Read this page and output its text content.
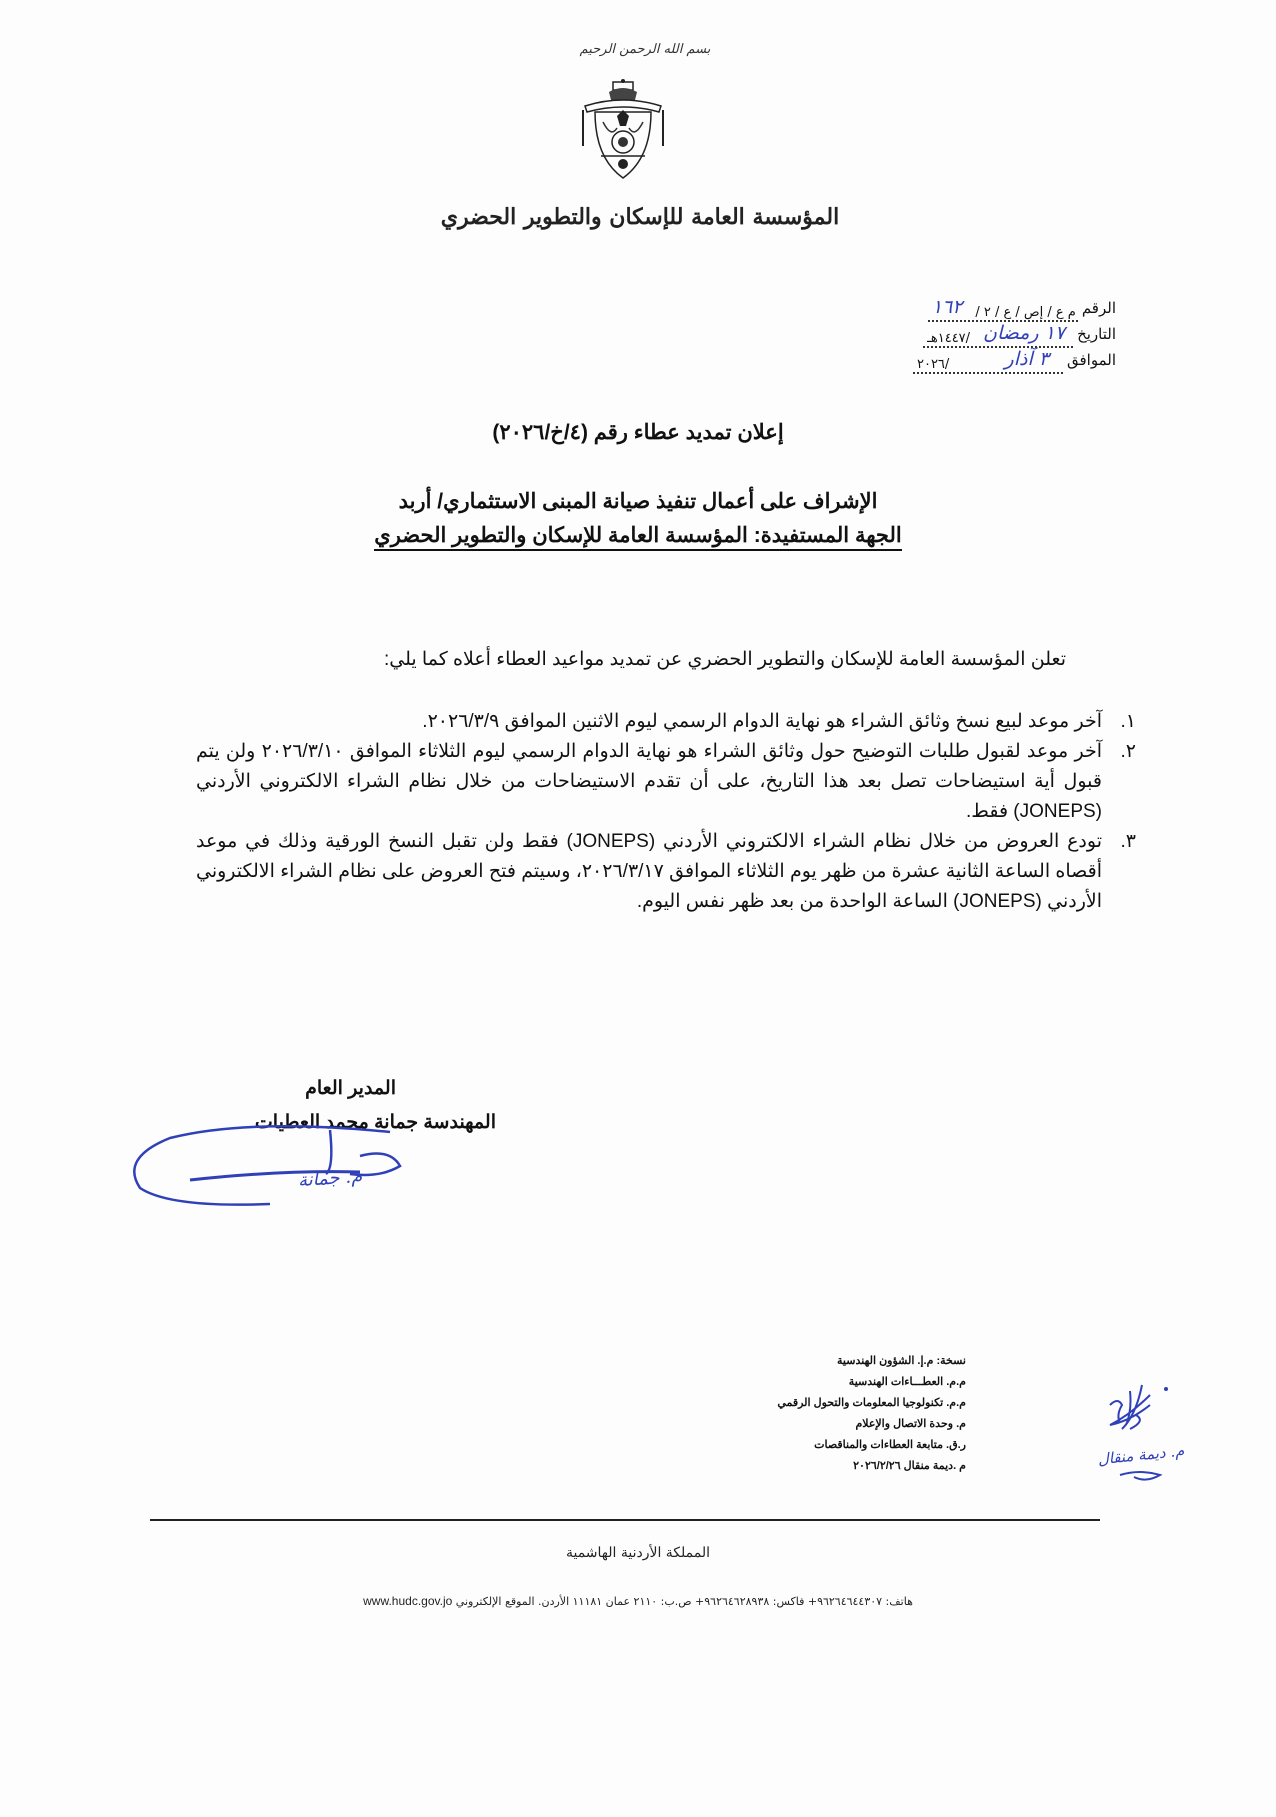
بسم الله الرحمن الرحيم
المؤسسة العامة للإسكان والتطوير الحضري
الرقم
م ع / إص / ع / ٢ /
١٦٢
التاريخ
١٧ رمضان
/١٤٤٧هـ
الموافق
٣ آذار
/٢٠٢٦
إعلان تمديد عطاء رقم (٤/خ/٢٠٢٦)
الإشراف على أعمال تنفيذ صيانة المبنى الاستثماري/ أربد
الجهة المستفيدة: المؤسسة العامة للإسكان والتطوير الحضري
تعلن المؤسسة العامة للإسكان والتطوير الحضري عن تمديد مواعيد العطاء أعلاه كما يلي:
١.
آخر موعد لبيع نسخ وثائق الشراء هو نهاية الدوام الرسمي ليوم الاثنين الموافق ٢٠٢٦/٣/٩.
٢.
آخر موعد لقبول طلبات التوضيح حول وثائق الشراء هو نهاية الدوام الرسمي ليوم الثلاثاء الموافق ٢٠٢٦/٣/١٠ ولن يتم قبول أية استيضاحات تصل بعد هذا التاريخ، على أن تقدم الاستيضاحات من خلال نظام الشراء الالكتروني الأردني (JONEPS) فقط.
٣.
تودع العروض من خلال نظام الشراء الالكتروني الأردني (JONEPS) فقط ولن تقبل النسخ الورقية وذلك في موعد أقصاه الساعة الثانية عشرة من ظهر يوم الثلاثاء الموافق ٢٠٢٦/٣/١٧، وسيتم فتح العروض على نظام الشراء الالكتروني الأردني (JONEPS) الساعة الواحدة من بعد ظهر نفس اليوم.
المدير العام
المهندسة جمانة محمد العطيات
م. جمانة
نسخة: م.إ. الشؤون الهندسية
م.م. العطـــاءات الهندسية
م.م. تكنولوجيا المعلومات والتحول الرقمي
م. وحدة الاتصال والإعلام
ر.ق. متابعة العطاءات والمناقصات
م .ديمة منقال ٢٠٢٦/٢/٢٦	م. ديمة منقال
المملكة الأردنية الهاشمية
هاتف: ٩٦٢٦٤٦٤٤٣٠٧+ فاكس: ٩٦٢٦٤٦٢٨٩٣٨+ ص.ب: ٢١١٠ عمان ١١١٨١ الأردن. الموقع الإلكتروني www.hudc.gov.jo
